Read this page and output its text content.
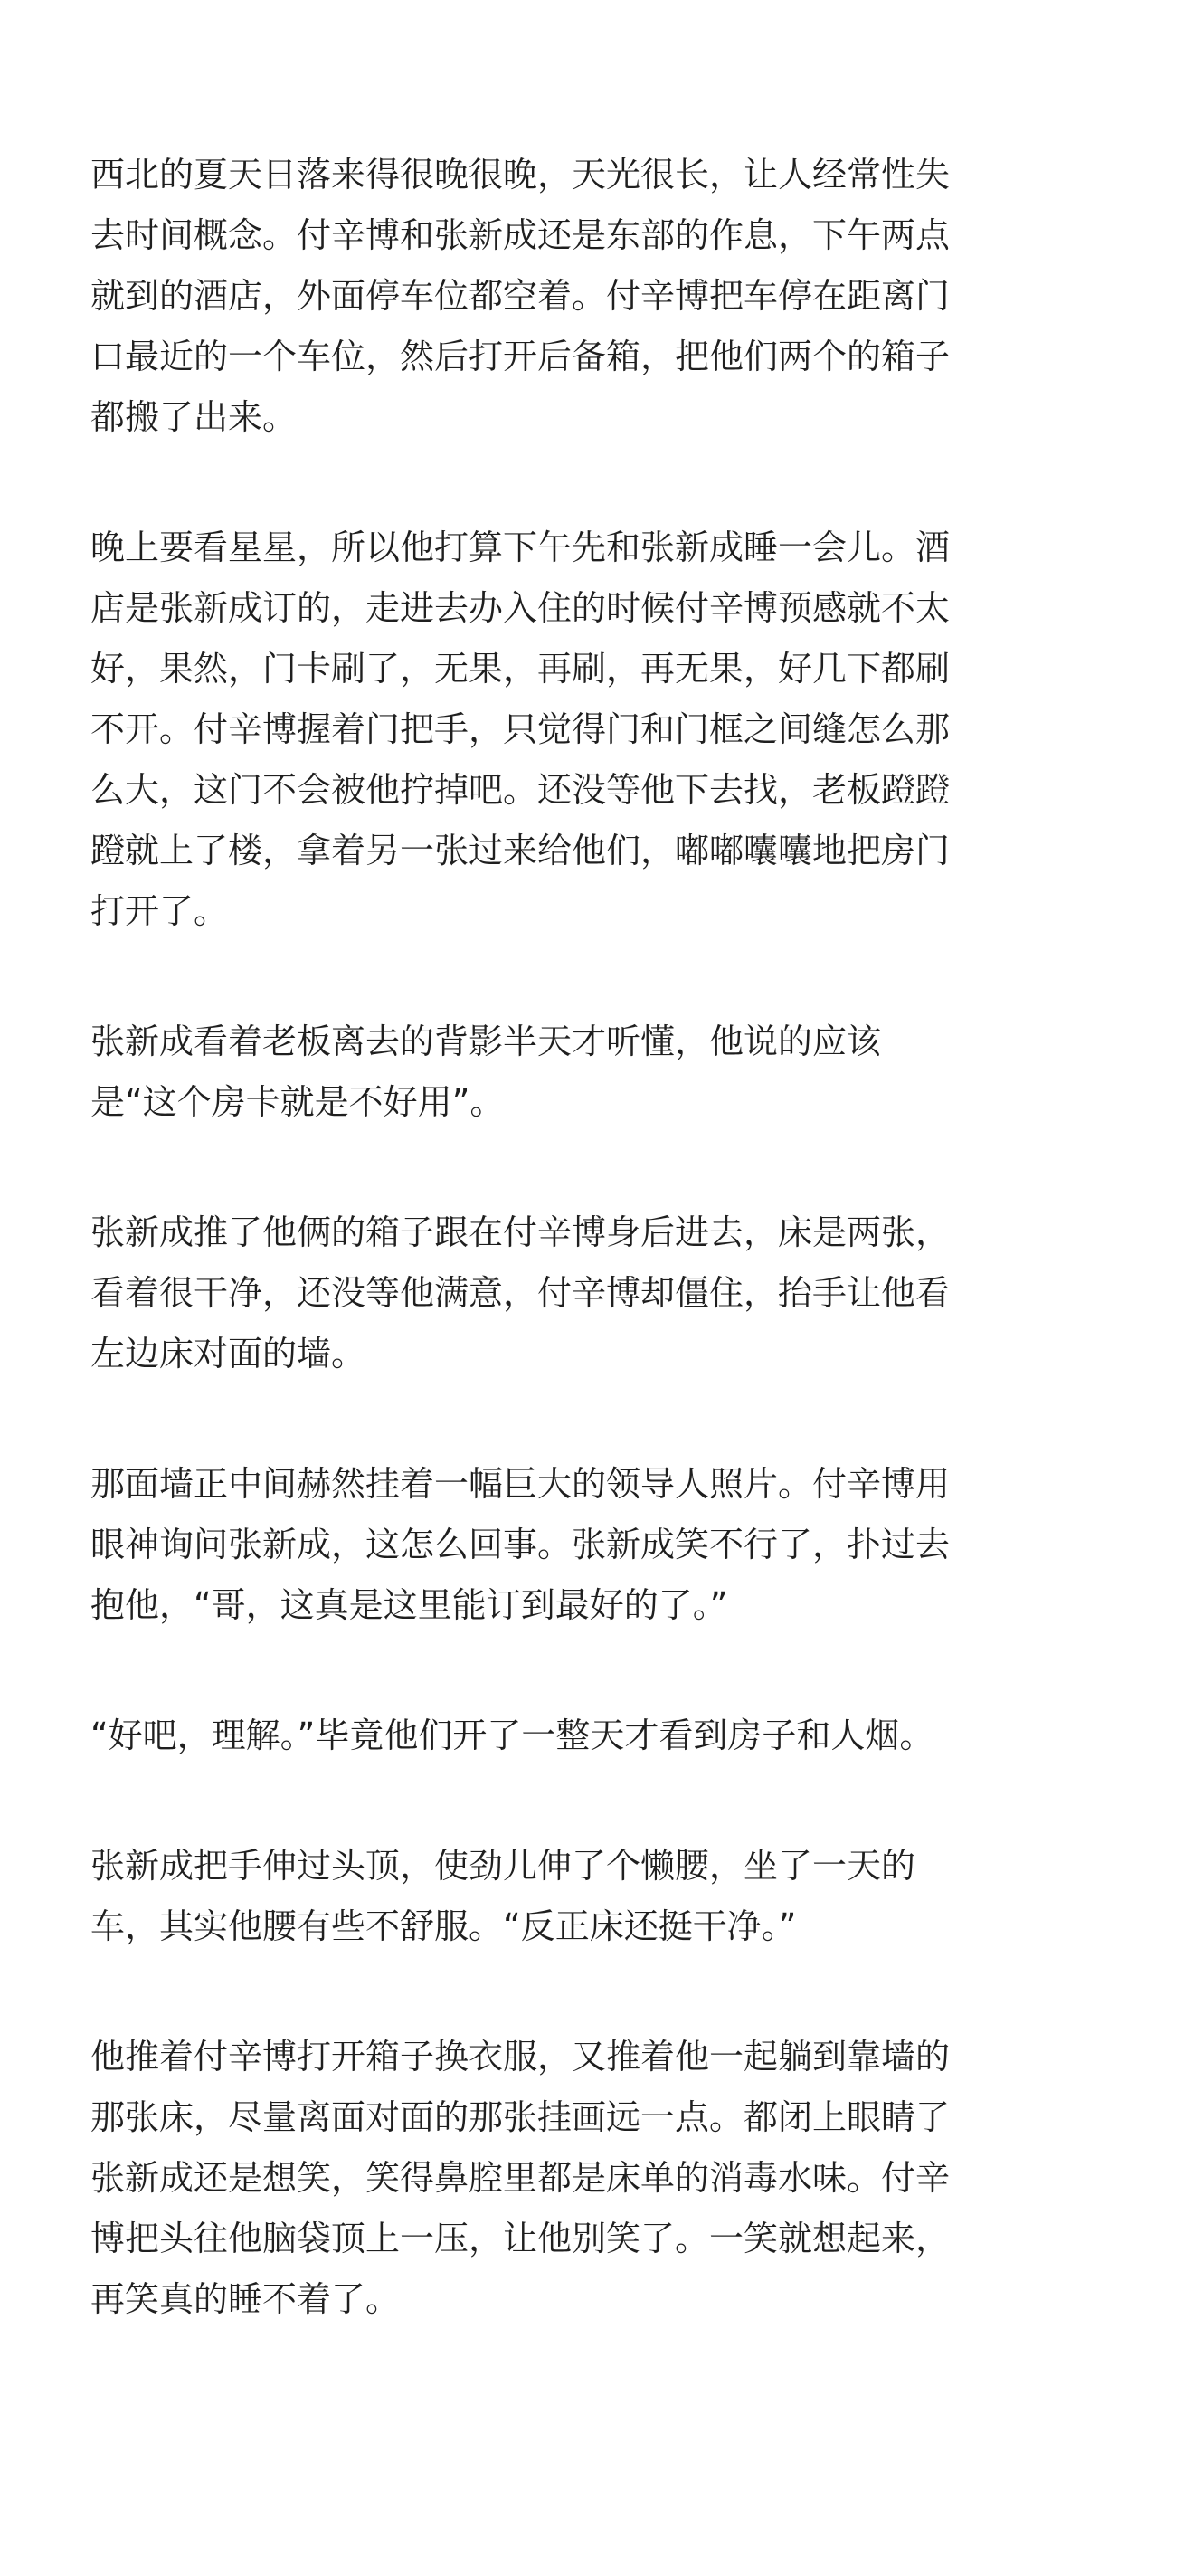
西北的夏天日落来得很晚很晚，天光很长，让人经常性失
去时间概念。付辛博和张新成还是东部的作息，下午两点
就到的酒店，外面停车位都空着。付辛博把车停在距离门
口最近的一个车位，然后打开后备箱，把他们两个的箱子
都搬了出来。

晚上要看星星，所以他打算下午先和张新成睡一会儿。酒
店是张新成订的，走进去办入住的时候付辛博预感就不太
好，果然，门卡刷了，无果，再刷，再无果，好几下都刷
不开。付辛博握着门把手，只觉得门和门框之间缝怎么那
么大，这门不会被他拧掉吧。还没等他下去找，老板蹬蹬
蹬就上了楼，拿着另一张过来给他们，嘟嘟囔囔地把房门
打开了。

张新成看着老板离去的背影半天才听懂，他说的应该
是“这个房卡就是不好用”。

张新成推了他俩的箱子跟在付辛博身后进去，床是两张，
看着很干净，还没等他满意，付辛博却僵住，抬手让他看
左边床对面的墙。

那面墙正中间赫然挂着一幅巨大的领导人照片。付辛博用
眼神询问张新成，这怎么回事。张新成笑不行了，扑过去
抱他，“哥，这真是这里能订到最好的了。”

“好吧，理解。”毕竟他们开了一整天才看到房子和人烟。

张新成把手伸过头顶，使劲儿伸了个懒腰，坐了一天的
车，其实他腰有些不舒服。“反正床还挺干净。”

他推着付辛博打开箱子换衣服，又推着他一起躺到靠墙的
那张床，尽量离面对面的那张挂画远一点。都闭上眼睛了
张新成还是想笑，笑得鼻腔里都是床单的消毒水味。付辛
博把头往他脑袋顶上一压，让他别笑了。一笑就想起来，
再笑真的睡不着了。
